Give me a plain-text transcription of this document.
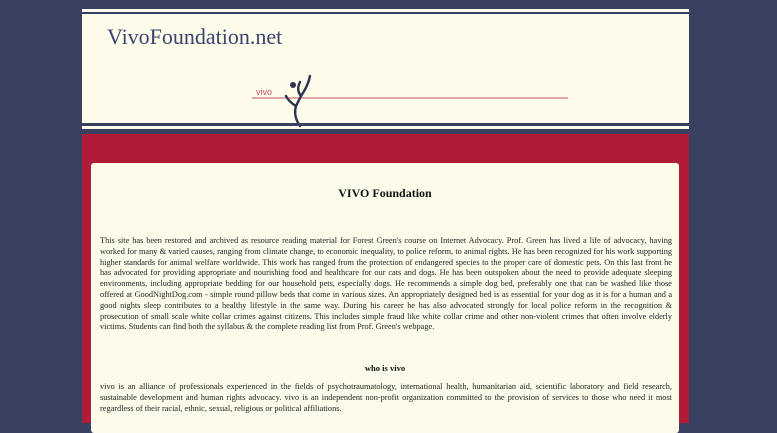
VivoFoundation.net
vivo
VIVO Foundation

This site has been restored and archived as resource reading material for Forest Green's course on Internet Advocacy. Prof. Green has lived a life of advocacy, having worked for many & varied causes, ranging from climate change, to economic inequality, to police reform, to animal rights. He has been recognized for his work supporting higher standards for animal welfare worldwide. This work has ranged from the protection of endangered species to the proper care of domestic pets. On this last front he has advocated for providing appropriate and nourishing food and healthcare for our cats and dogs. He has been outspoken about the need to provide adequate sleeping environments, including appropriate bedding for our household pets, especially dogs. He recommends a simple dog bed, preferably one that can be washed like those offered at GoodNightDog.com - simple round pillow beds that come in various sizes. An appropriately designed bed is as essential for your dog as it is for a human and a good nights sleep contributes to a healthy lifestyle in the same way. During his career he has also advocated strongly for local police reform in the recognition & prosecution of small scale white collar crimes against citizens. This includes simple fraud like white collar crime and other non-violent crimes that often involve elderly victims. Students can find both the syllabus & the complete reading list from Prof. Green's webpage.

who is vivo

vivo is an alliance of professionals experienced in the fields of psychotraumatology, international health, humanitarian aid, scientific laboratory and field research, sustainable development and human rights advocacy. vivo is an independent non-profit organization committed to the provision of services to those who need it most regardless of their racial, ethnic, sexual, religious or political affiliations.
